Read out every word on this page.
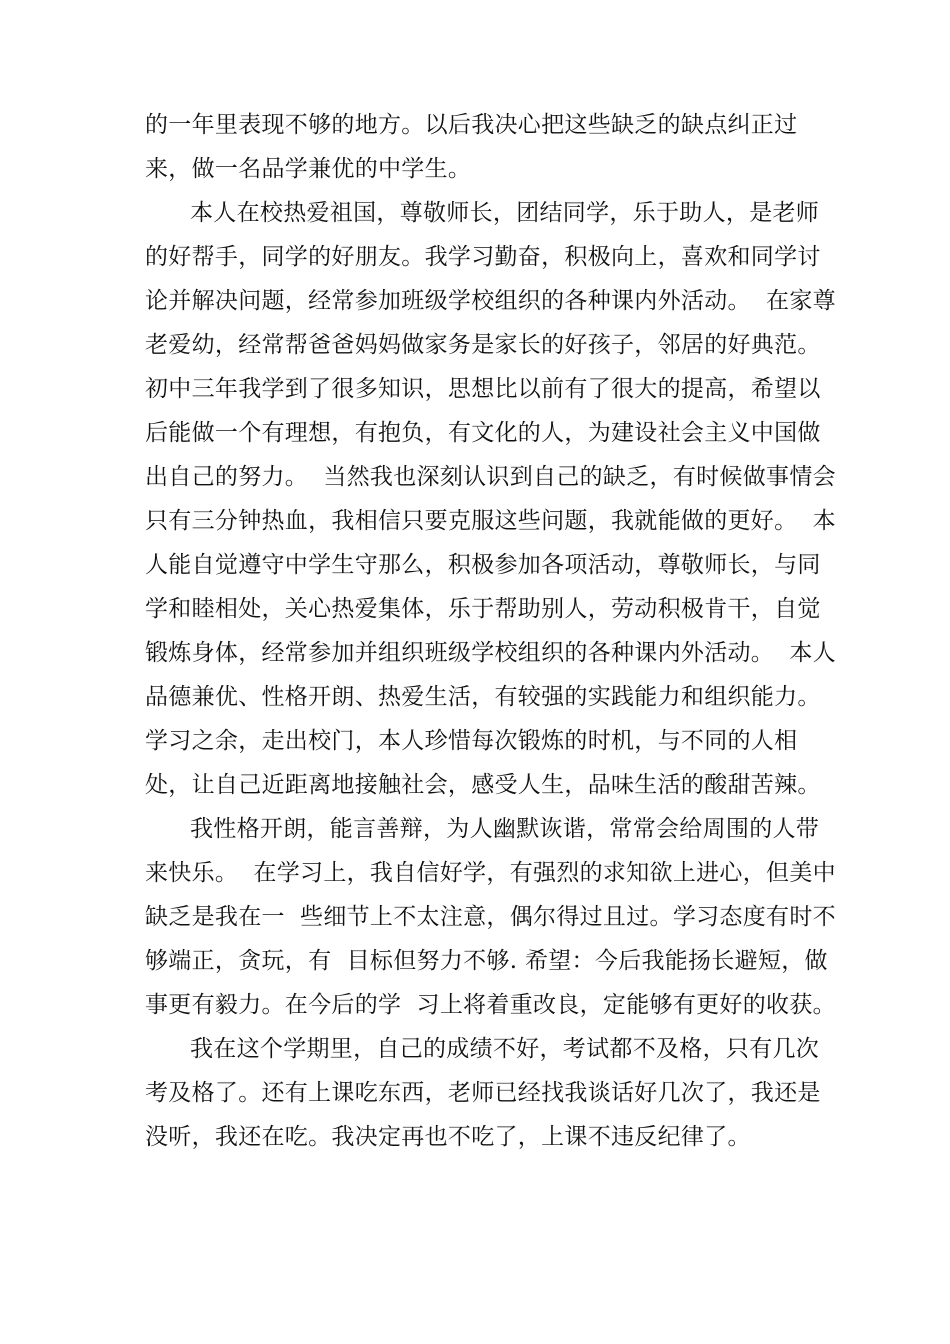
的一年里表现不够的地方。以后我决心把这些缺乏的缺点纠正过
来，做一名品学兼优的中学生。
本人在校热爱祖国，尊敬师长，团结同学，乐于助人，是老师
的好帮手，同学的好朋友。我学习勤奋，积极向上，喜欢和同学讨
论并解决问题，经常参加班级学校组织的各种课内外活动。  在家尊
老爱幼，经常帮爸爸妈妈做家务是家长的好孩子，邻居的好典范。
初中三年我学到了很多知识，思想比以前有了很大的提高，希望以
后能做一个有理想，有抱负，有文化的人，为建设社会主义中国做
出自己的努力。  当然我也深刻认识到自己的缺乏，有时候做事情会
只有三分钟热血，我相信只要克服这些问题，我就能做的更好。  本
人能自觉遵守中学生守那么，积极参加各项活动，尊敬师长，与同
学和睦相处，关心热爱集体，乐于帮助别人，劳动积极肯干，自觉
锻炼身体，经常参加并组织班级学校组织的各种课内外活动。  本人
品德兼优、性格开朗、热爱生活，有较强的实践能力和组织能力。
学习之余，走出校门，本人珍惜每次锻炼的时机，与不同的人相
处，让自己近距离地接触社会，感受人生，品味生活的酸甜苦辣。
我性格开朗，能言善辩，为人幽默诙谐，常常会给周围的人带
来快乐。  在学习上，我自信好学，有强烈的求知欲上进心，但美中
缺乏是我在一  些细节上不太注意，偶尔得过且过。学习态度有时不
够端正，贪玩，有  目标但努力不够. 希望：今后我能扬长避短，做
事更有毅力。在今后的学  习上将着重改良，定能够有更好的收获。
我在这个学期里，自己的成绩不好，考试都不及格，只有几次
考及格了。还有上课吃东西，老师已经找我谈话好几次了，我还是
没听，我还在吃。我决定再也不吃了，上课不违反纪律了。
